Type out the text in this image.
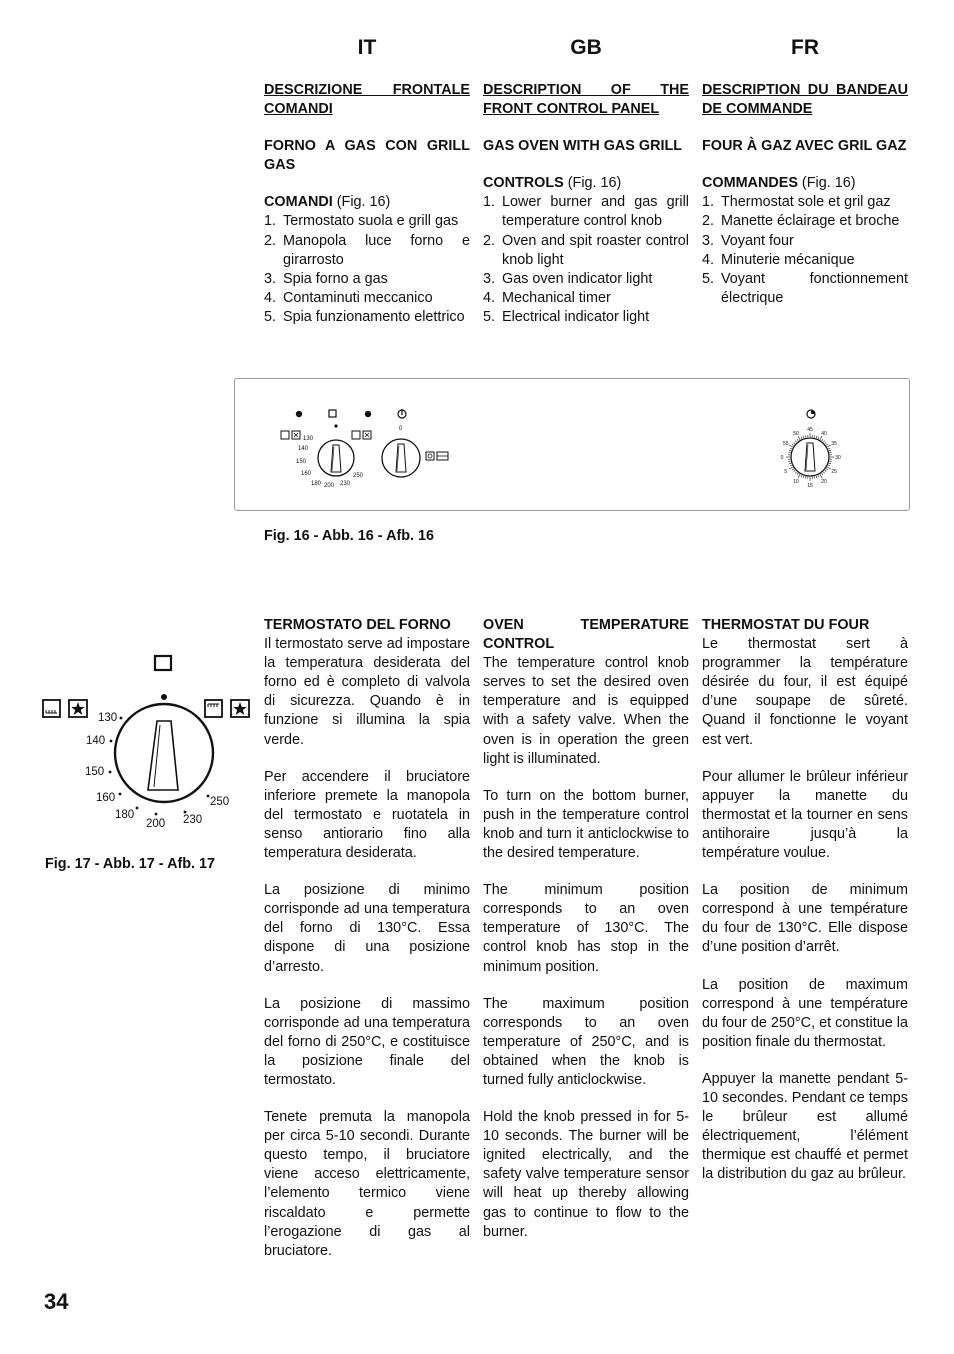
IT	GB	FR

DESCRIZIONE FRONTALE COMANDI

FORNO A GAS CON GRILL GAS

COMANDI (Fig. 16)

1. Termostato suola e grill gas
2. Manopola luce forno e girarrosto
3. Spia forno a gas
4. Contaminuti meccanico
5. Spia funzionamento elettrico

DESCRIPTION OF THE FRONT CONTROL PANEL

GAS OVEN WITH GAS GRILL

CONTROLS (Fig. 16)

1. Lower burner and gas grill temperature control knob
2. Oven and spit roaster control knob light
3. Gas oven indicator light
4. Mechanical timer
5. Electrical indicator light

DESCRIPTION DU BANDEAU DE COMMANDE

FOUR À GAZ AVEC GRIL GAZ

COMMANDES (Fig. 16)

1. Thermostat sole et gril gaz
2. Manette éclairage et broche
3. Voyant four
4. Minuterie mécanique
5. Voyant fonctionnement électrique
130
140
150
160
180 200 230
250
0
55
50
45
40
35
30
25
20
15
10
5
0
Fig. 16 - Abb. 16 - Afb. 16
130
140
150
160
180
200 230
250
Fig. 17 - Abb. 17 - Afb. 17

TERMOSTATO DEL FORNO

Il termostato serve ad impostare la temperatura desiderata del forno ed è completo di valvola di sicurezza. Quando è in funzione si illumina la spia verde.

Per accendere il bruciatore inferiore premete la manopola del termostato e ruotatela in senso antiorario fino alla temperatura desiderata.

La posizione di minimo corrisponde ad una temperatura del forno di 130°C. Essa dispone di una posizione d’arresto.

La posizione di massimo corrisponde ad una temperatura del forno di 250°C, e costituisce la posizione finale del termostato.

Tenete premuta la manopola per circa 5-10 secondi. Durante questo tempo, il bruciatore viene acceso elettricamente, l’elemento termico viene riscaldato e permette l’erogazione di gas al bruciatore.

OVEN TEMPERATURE CONTROL

The temperature control knob serves to set the desired oven temperature and is equipped with a safety valve. When the oven is in operation the green light is illuminated.

To turn on the bottom burner, push in the temperature control knob and turn it anticlockwise to the desired temperature.

The minimum position corresponds to an oven temperature of 130°C. The control knob has stop in the minimum position.

The maximum position corresponds to an oven temperature of 250°C, and is obtained when the knob is turned fully anticlockwise.

Hold the knob pressed in for 5-10 seconds. The burner will be ignited electrically, and the safety valve temperature sensor will heat up thereby allowing gas to continue to flow to the burner.

THERMOSTAT DU FOUR

Le thermostat sert à programmer la température désirée du four, il est équipé d’une soupape de sûreté. Quand il fonctionne le voyant est vert.

Pour allumer le brûleur inférieur appuyer la manette du thermostat et la tourner en sens antihoraire jusqu’à la température voulue.

La position de minimum correspond à une température du four de 130°C. Elle dispose d’une position d’arrêt.

La position de maximum correspond à une température du four de 250°C, et constitue la position finale du thermostat.

Appuyer la manette pendant 5-10 secondes. Pendant ce temps le brûleur est allumé électriquement, l’élément thermique est chauffé et permet la distribution du gaz au brûleur.

34
